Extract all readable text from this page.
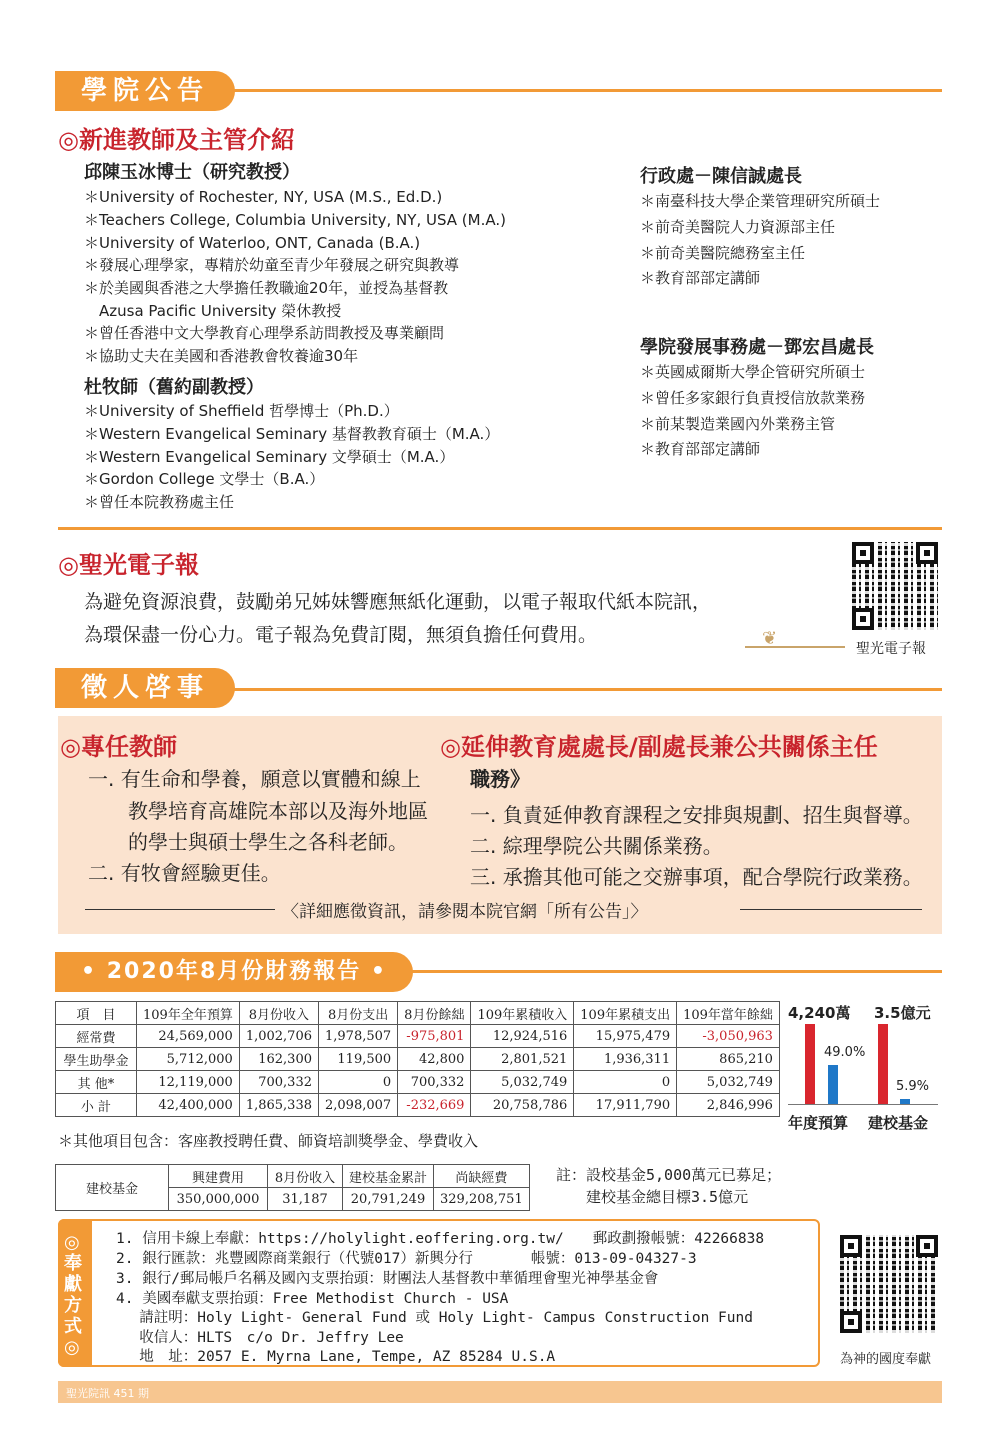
學院公告
◎新進教師及主管介紹
邱陳玉冰博士（研究教授）
＊University of Rochester, NY, USA (M.S., Ed.D.)
＊Teachers College, Columbia University, NY, USA (M.A.)
＊University of Waterloo, ONT, Canada (B.A.)
＊發展心理學家，專精於幼童至青少年發展之研究與教導
＊於美國與香港之大學擔任教職逾20年，並授為基督教
　Azusa Pacific University 榮休教授
＊曾任香港中文大學教育心理學系訪問教授及專業顧問
＊協助丈夫在美國和香港教會牧養逾30年
杜牧師（舊約副教授）
＊University of Sheffield 哲學博士（Ph.D.）
＊Western Evangelical Seminary 基督教教育碩士（M.A.）
＊Western Evangelical Seminary 文學碩士（M.A.）
＊Gordon College 文學士（B.A.）
＊曾任本院教務處主任
行政處－陳信誠處長
＊南臺科技大學企業管理研究所碩士
＊前奇美醫院人力資源部主任
＊前奇美醫院總務室主任
＊教育部部定講師
學院發展事務處－鄧宏昌處長
＊英國威爾斯大學企管研究所碩士
＊曾任多家銀行負責授信放款業務
＊前某製造業國內外業務主管
＊教育部部定講師
◎聖光電子報
為避免資源浪費，鼓勵弟兄姊妹響應無紙化運動，以電子報取代紙本院訊，
為環保盡一份心力。電子報為免費訂閱，無須負擔任何費用。	❦	聖光電子報
徵人啓事
◎專任教師
一. 有生命和學養，願意以實體和線上
　　教學培育高雄院本部以及海外地區
　　的學士與碩士學生之各科老師。
二. 有牧會經驗更佳。
◎延伸教育處處長/副處長兼公共關係主任
職務》
一. 負責延伸教育課程之安排與規劃、招生與督導。
二. 綜理學院公共關係業務。
三. 承擔其他可能之交辦事項，配合學院行政業務。
〈詳細應徵資訊，請參閱本院官網「所有公告」〉
• 2020年8月份財務報告 •
項　目	109年全年預算	8月份收入	8月份支出	8月份餘絀	109年累積收入	109年累積支出	109年當年餘絀
經常費	24,569,000	1,002,706	1,978,507	-975,801	12,924,516	15,975,479	-3,050,963
學生助學金	5,712,000	162,300	119,500	42,800	2,801,521	1,936,311	865,210
其 他*	12,119,000	700,332	0	700,332	5,032,749	0	5,032,749
小 計	42,400,000	1,865,338	2,098,007	-232,669	20,758,786	17,911,790	2,846,996
＊其他項目包含：客座教授聘任費、師資培訓獎學金、學費收入
4,240萬 3.5億元
49.0%
5.9%
年度預算 建校基金
建校基金	興建費用	8月份收入	建校基金累計	尚缺經費
	350,000,000	31,187	20,791,249	329,208,751
註：設校基金5,000萬元已募足；
　　建校基金總目標3.5億元
◎奉獻方式◎
1. 信用卡線上奉獻：https://holylight.eoffering.org.tw/　　郵政劃撥帳號：42266838
2. 銀行匯款：兆豐國際商業銀行（代號017）新興分行　　　　帳號：013-09-04327-3
3. 銀行/郵局帳戶名稱及國內支票抬頭：財團法人基督教中華循理會聖光神學基金會
4. 美國奉獻支票抬頭：Free Methodist Church - USA
　 請註明：Holy Light- General Fund 或 Holy Light- Campus Construction Fund
　 收信人：HLTS　c/o Dr. Jeffry Lee
　 地　址：2057 E. Myrna Lane, Tempe, AZ 85284 U.S.A	為神的國度奉獻
聖光院訊 451 期
